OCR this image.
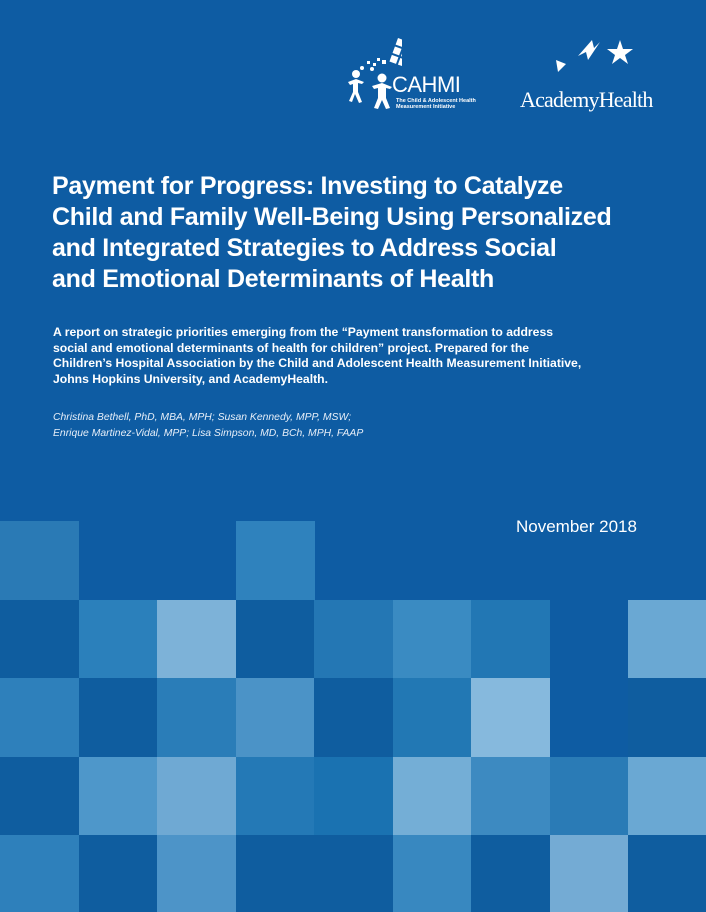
CAHMI
The Child & Adolescent Health
Measurement Initiative	AcademyHealth
Payment for Progress: Investing to Catalyze
Child and Family Well-Being Using Personalized
and Integrated Strategies to Address Social
and Emotional Determinants of Health
A report on strategic priorities emerging from the “Payment transformation to address
social and emotional determinants of health for children” project. Prepared for the
Children’s Hospital Association by the Child and Adolescent Health Measurement Initiative,
Johns Hopkins University, and AcademyHealth.
Christina Bethell, PhD, MBA, MPH; Susan Kennedy, MPP, MSW;
Enrique Martinez-Vidal, MPP; Lisa Simpson, MD, BCh, MPH, FAAP
November 2018
